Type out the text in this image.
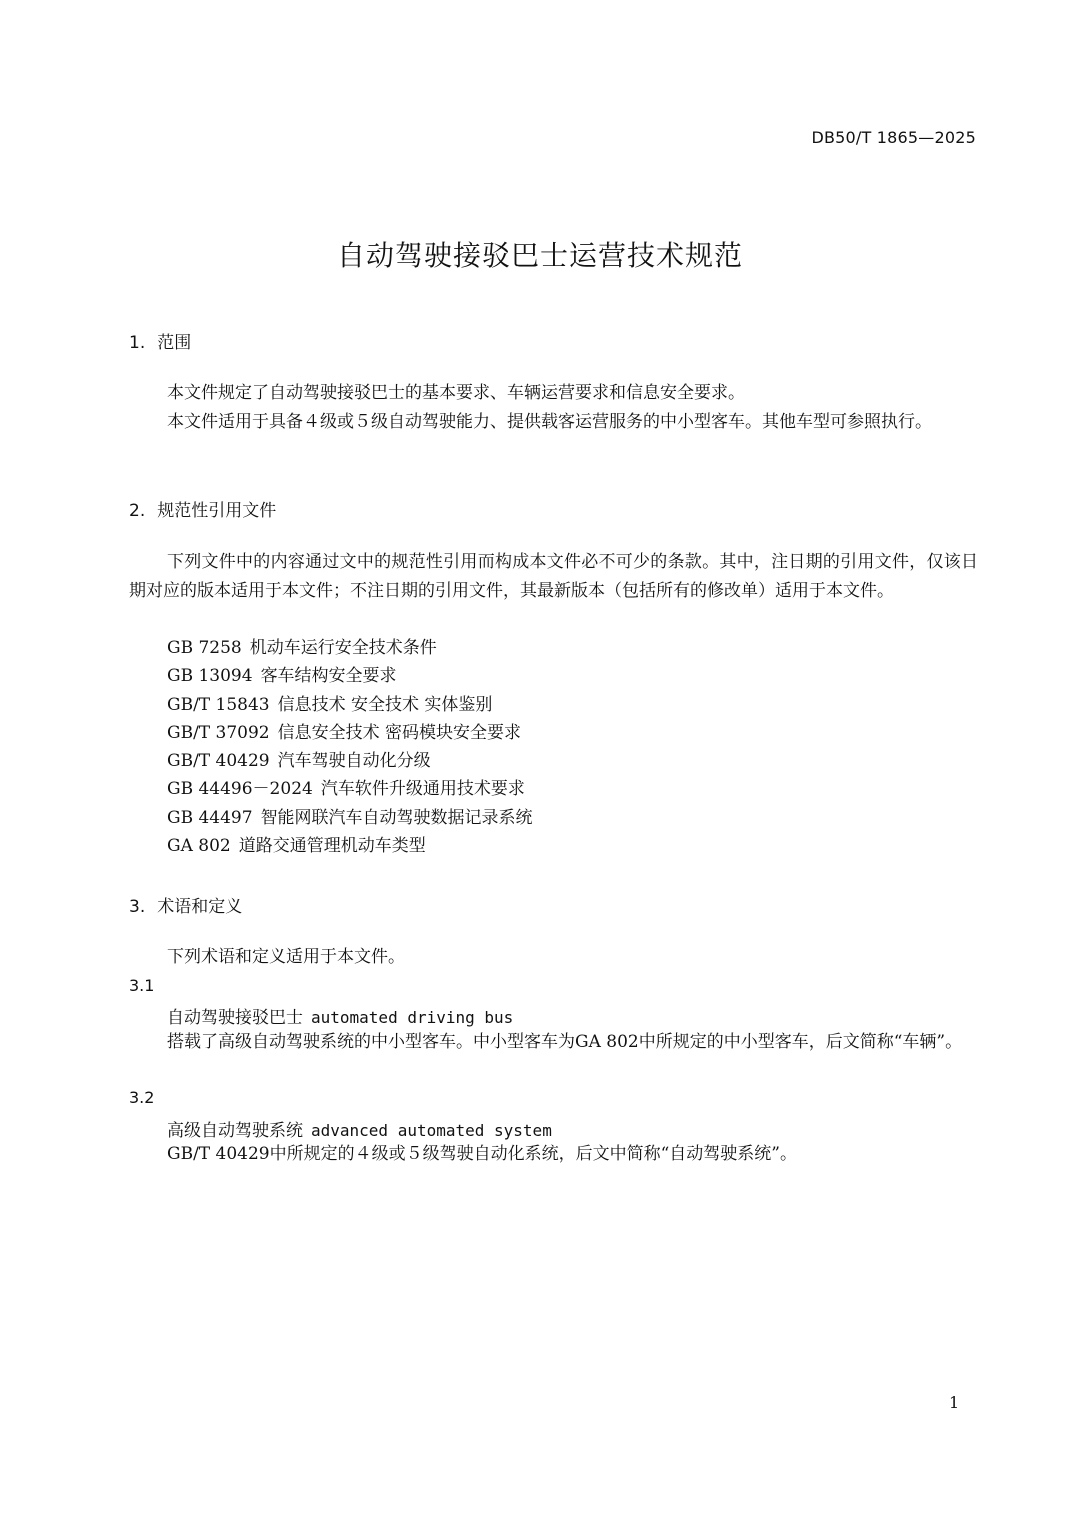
DB50/T 1865—2025
自动驾驶接驳巴士运营技术规范
1. 范围

本文件规定了自动驾驶接驳巴士的基本要求、车辆运营要求和信息安全要求。

本文件适用于具备４级或５级自动驾驶能力、提供载客运营服务的中小型客车。其他车型可参照执行。

2. 规范性引用文件

下列文件中的内容通过文中的规范性引用而构成本文件必不可少的条款。其中，注日期的引用文件，仅该日期对应的版本适用于本文件；不注日期的引用文件，其最新版本（包括所有的修改单）适用于本文件。

GB 7258 机动车运行安全技术条件
GB 13094 客车结构安全要求
GB/T 15843 信息技术 安全技术 实体鉴别
GB/T 37092 信息安全技术 密码模块安全要求
GB/T 40429 汽车驾驶自动化分级
GB 44496－2024 汽车软件升级通用技术要求
GB 44497 智能网联汽车自动驾驶数据记录系统
GA 802 道路交通管理机动车类型
3. 术语和定义

下列术语和定义适用于本文件。

3.1
自动驾驶接驳巴士 automated driving bus

搭载了高级自动驾驶系统的中小型客车。中小型客车为GA 802中所规定的中小型客车，后文简称“车辆”。

3.2
高级自动驾驶系统 advanced automated system

GB/T 40429中所规定的４级或５级驾驶自动化系统，后文中简称“自动驾驶系统”。

1
